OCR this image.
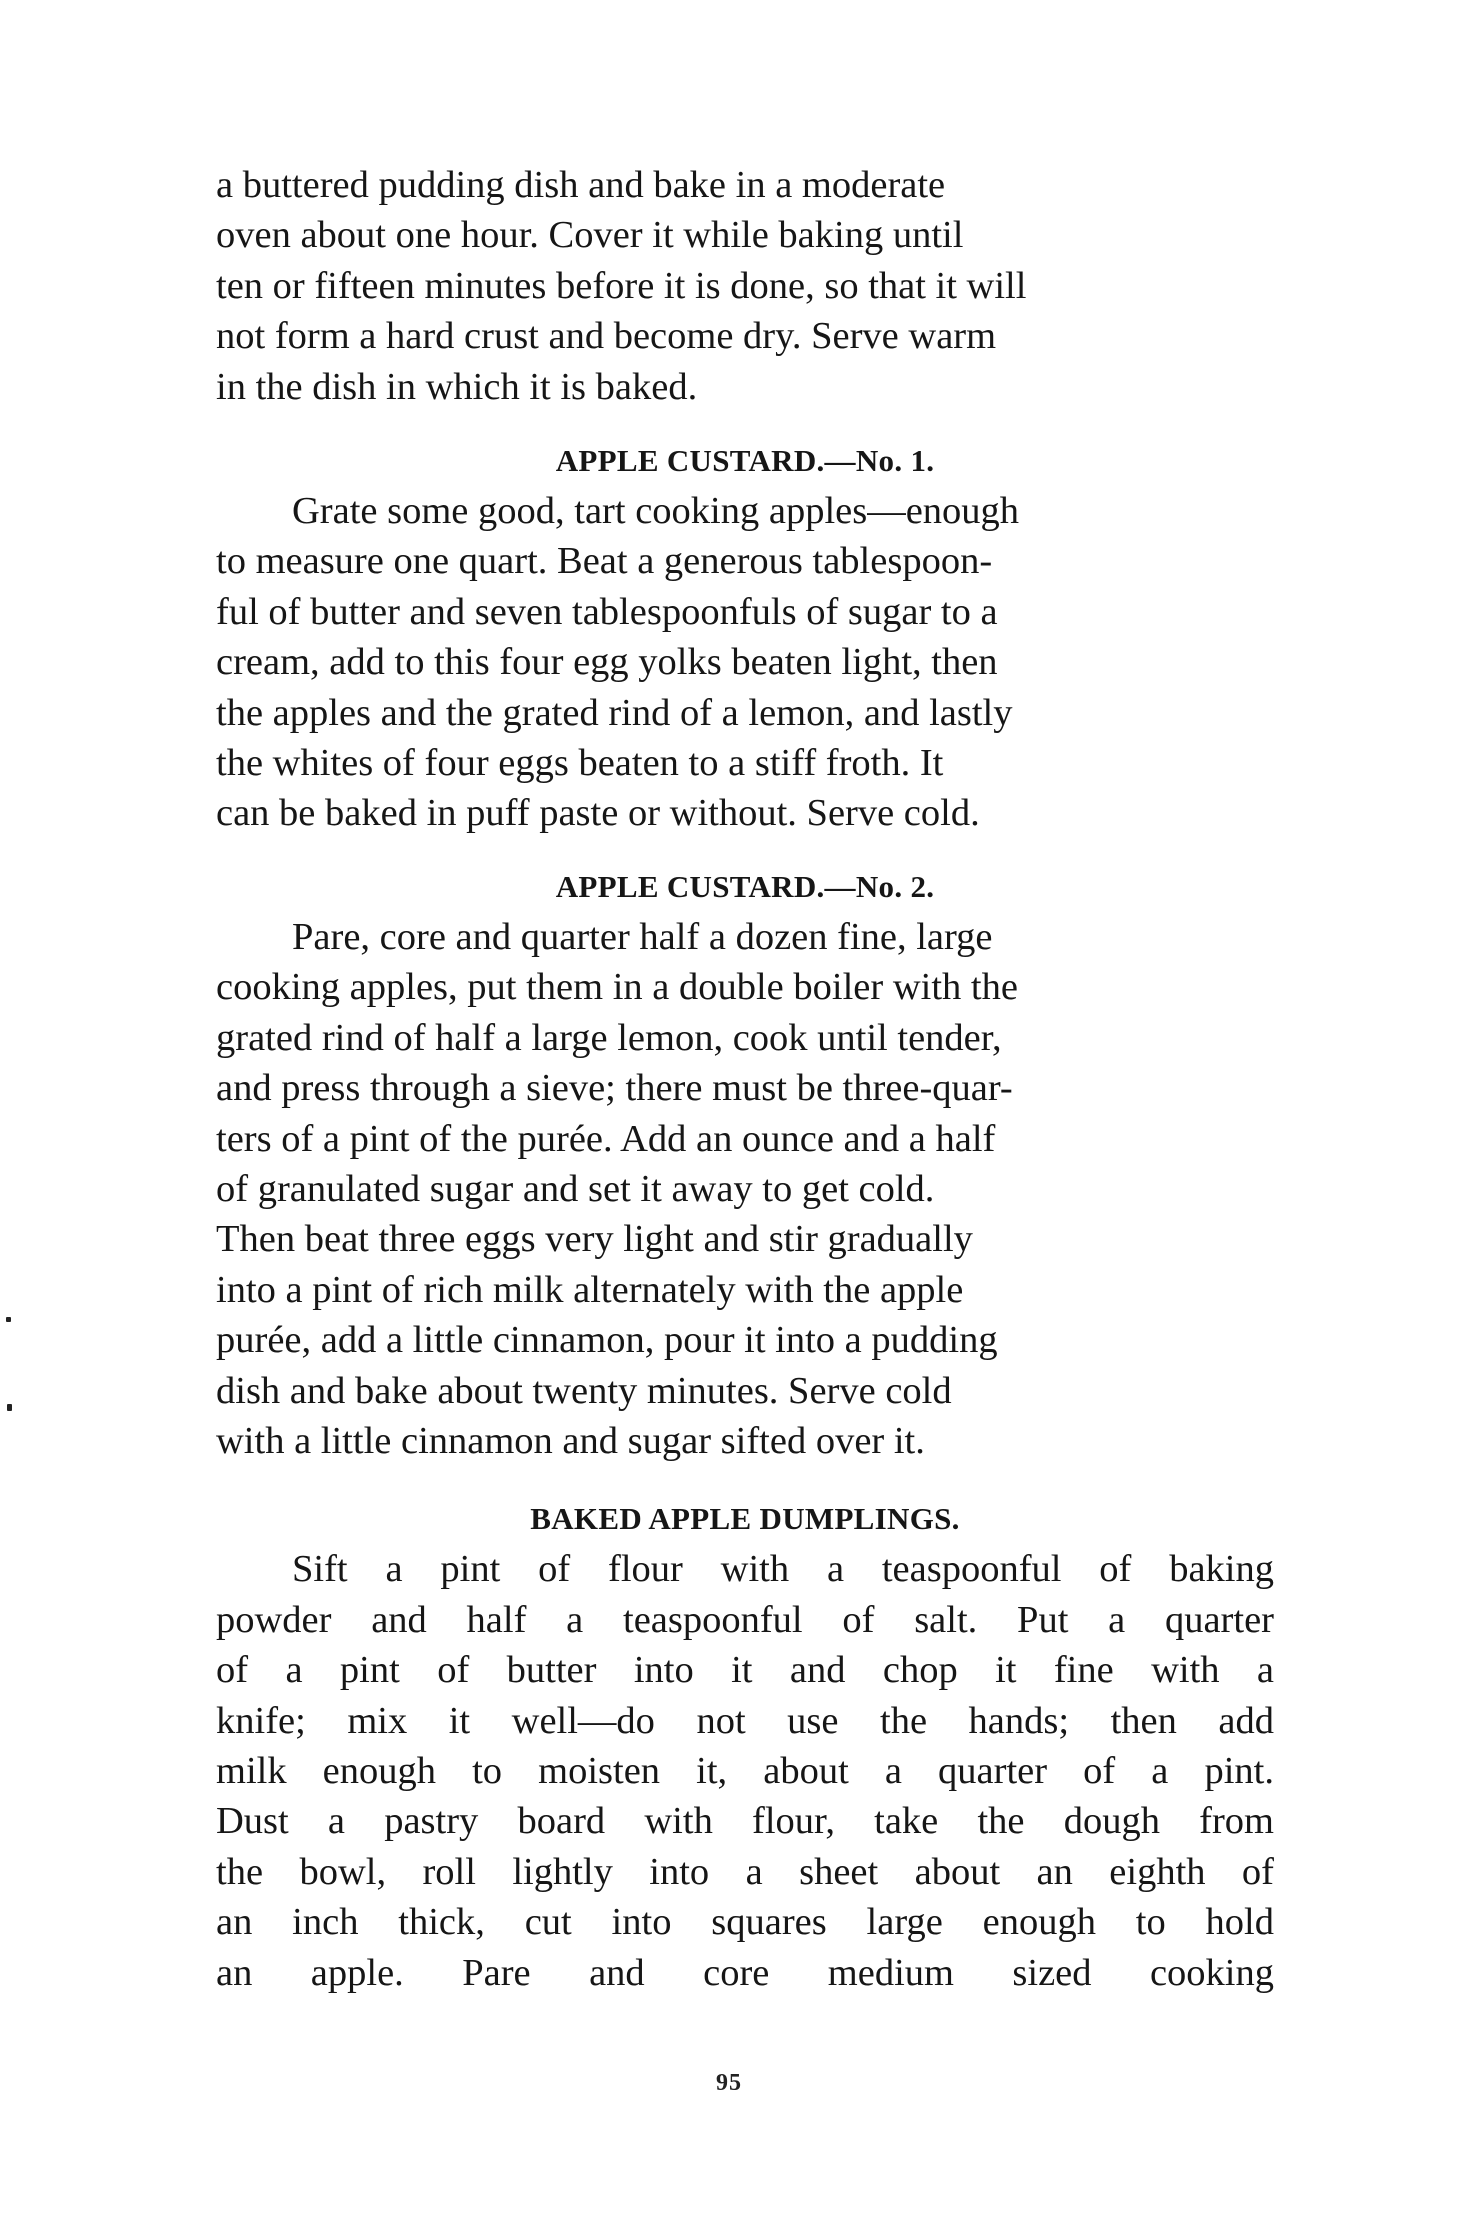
a buttered pudding dish and bake in a moderate
oven about one hour. Cover it while baking until
ten or fifteen minutes before it is done, so that it will
not form a hard crust and become dry. Serve warm
in the dish in which it is baked.

APPLE CUSTARD.—No. 1.

Grate some good, tart cooking apples—enough
to measure one quart. Beat a generous tablespoon-
ful of butter and seven tablespoonfuls of sugar to a
cream, add to this four egg yolks beaten light, then
the apples and the grated rind of a lemon, and lastly
the whites of four eggs beaten to a stiff froth. It
can be baked in puff paste or without. Serve cold.

APPLE CUSTARD.—No. 2.

Pare, core and quarter half a dozen fine, large
cooking apples, put them in a double boiler with the
grated rind of half a large lemon, cook until tender,
and press through a sieve; there must be three-quar-
ters of a pint of the purée. Add an ounce and a half
of granulated sugar and set it away to get cold.
Then beat three eggs very light and stir gradually
into a pint of rich milk alternately with the apple
purée, add a little cinnamon, pour it into a pudding
dish and bake about twenty minutes. Serve cold
with a little cinnamon and sugar sifted over it.

BAKED APPLE DUMPLINGS.

Sift a pint of flour with a teaspoonful of baking
powder and half a teaspoonful of salt. Put a quarter
of a pint of butter into it and chop it fine with a
knife; mix it well—do not use the hands; then add
milk enough to moisten it, about a quarter of a pint.
Dust a pastry board with flour, take the dough from
the bowl, roll lightly into a sheet about an eighth of
an inch thick, cut into squares large enough to hold
an apple. Pare and core medium sized cooking

95
